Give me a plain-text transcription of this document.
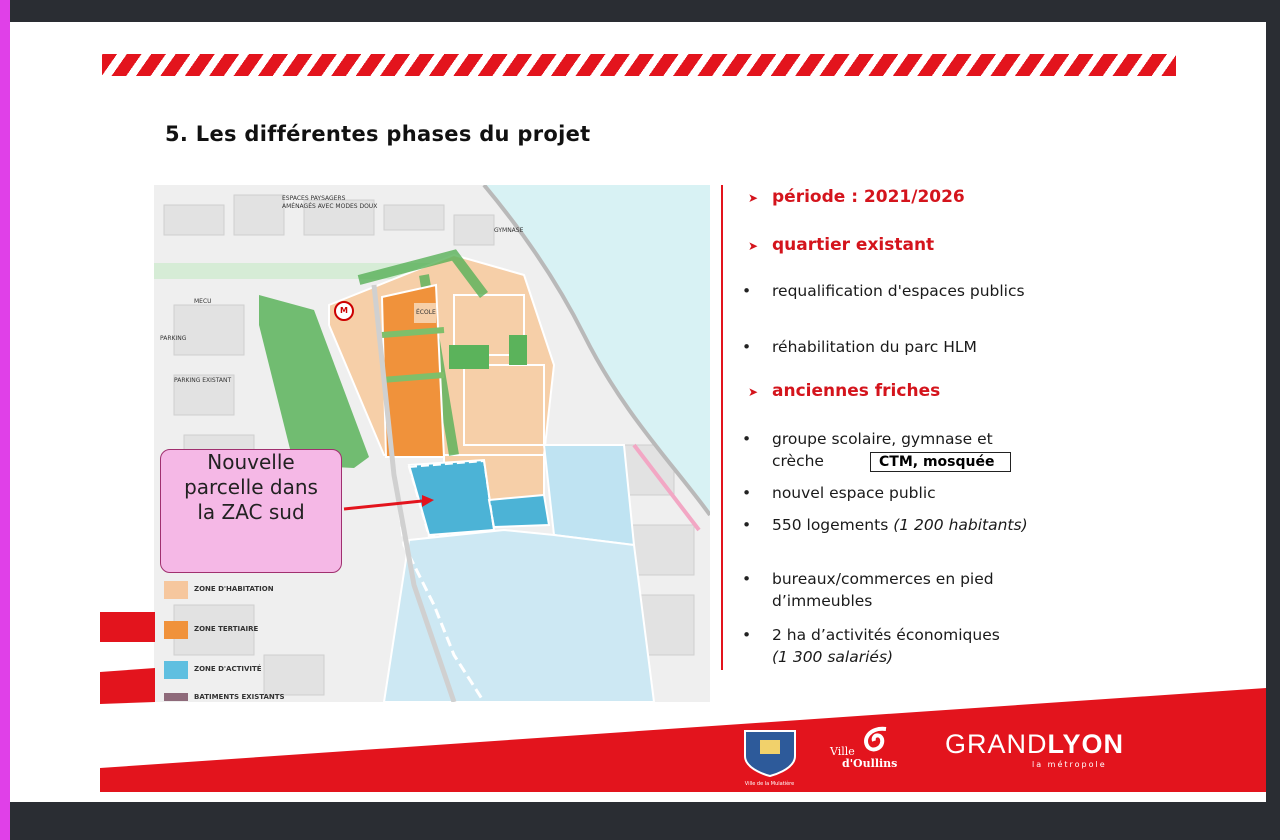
5. Les différentes phases du projet
ZONE D'HABITATION
ZONE TERTIAIRE
ZONE D'ACTIVITÉ
BATIMENTS EXISTANTS
ESPACES PAYSAGERS
AMÉNAGÉS AVEC MODES DOUX
GYMNASE
ÉCOLE
M
MECU
PARKING
PARKING EXISTANT
Nouvelle parcelle dans la ZAC sud
➤ période : 2021/2026
➤ quartier existant
• requalification d'espaces publics
• réhabilitation du parc HLM
➤ anciennes friches
• groupe scolaire, gymnase et crèche	CTM, mosquée
• nouvel espace public
• 550 logements (1 200 habitants)
• bureaux/commerces en pied d’immeubles
• 2 ha d’activités économiques
(1 300 salariés)
Ville de la Mulatière
Ville
d'Oullins
GRANDLYON
la métropole
